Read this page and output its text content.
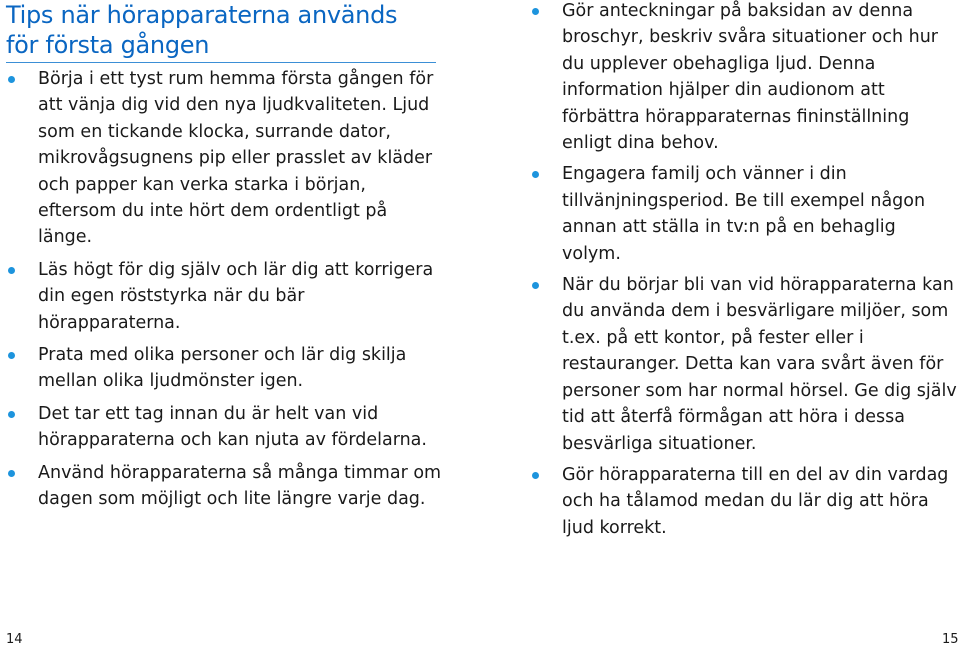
Tips när hörapparaterna används för första gången
Börja i ett tyst rum hemma första gången för att vänja dig vid den nya ljudkvaliteten. Ljud som en tickande klocka, surrande dator, mikrovågsugnens pip eller prasslet av kläder och papper kan verka starka i början, eftersom du inte hört dem ordentligt på länge.
Läs högt för dig själv och lär dig att korrigera din egen röststyrka när du bär hörapparaterna.
Prata med olika personer och lär dig skilja mellan olika ljudmönster igen.
Det tar ett tag innan du är helt van vid hörapparaterna och kan njuta av fördelarna.
Använd hörapparaterna så många timmar om dagen som möjligt och lite längre varje dag.
Gör anteckningar på baksidan av denna broschyr, beskriv svåra situationer och hur du upplever obehagliga ljud. Denna information hjälper din audionom att förbättra hörapparaternas fininställning enligt dina behov.
Engagera familj och vänner i din tillvänjningsperiod. Be till exempel någon annan att ställa in tv:n på en behaglig volym.
När du börjar bli van vid hörapparaterna kan du använda dem i besvärligare miljöer, som t.ex. på ett kontor, på fester eller i restauranger. Detta kan vara svårt även för personer som har normal hörsel. Ge dig själv tid att återfå förmågan att höra i dessa besvärliga situationer.
Gör hörapparaterna till en del av din vardag och ha tålamod medan du lär dig att höra ljud korrekt.
14	15
